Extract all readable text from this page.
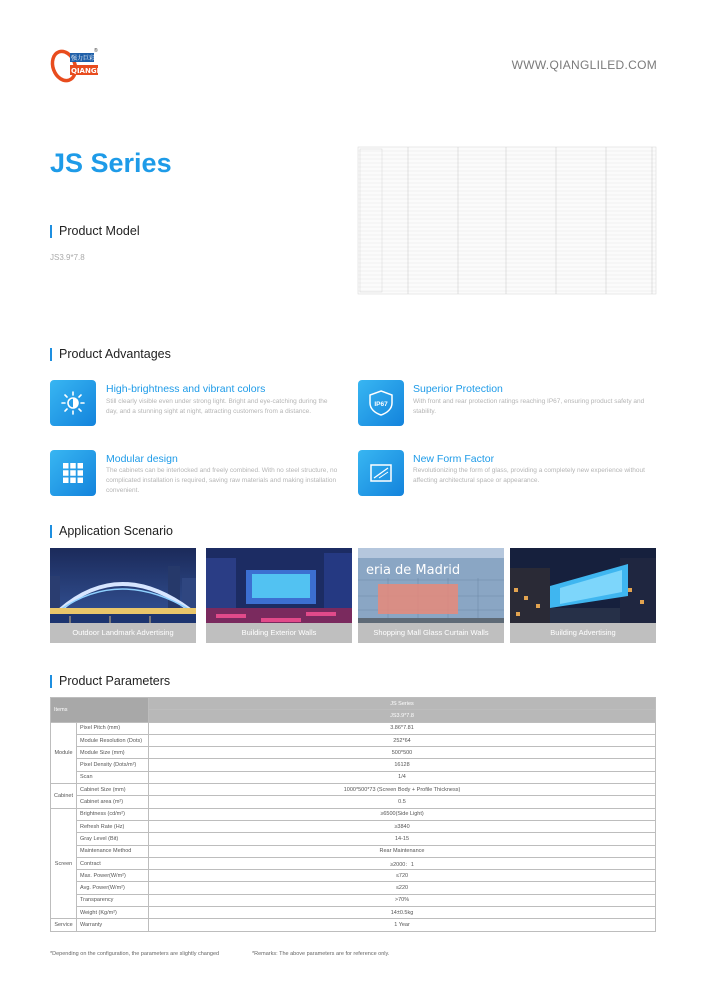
强力巨彩
QIANGLI
®
WWW.QIANGLILED.COM
JS Series
Product Model
JS3.9*7.8
Product Advantages
High-brightness and vibrant colors
Still clearly visible even under strong light. Bright and eye-catching during the day, and a stunning sight at night, attracting customers from a distance.
IP67
Superior Protection
With front and rear protection ratings reaching IP67, ensuring product safety and stability.
Modular design
The cabinets can be interlocked and freely combined. With no steel structure, no complicated installation is required, saving raw materials and making installation convenient.
New Form Factor
Revolutionizing the form of glass, providing a completely new experience without affecting architectural space or appearance.
Application Scenario
Outdoor Landmark Advertising	Building Exterior Walls
eria de Madrid
Shopping Mall Glass Curtain Walls	Building Advertising
Product Parameters
Items		JS Series
		JS3.9*7.8
Module	Pixel Pitch (mm)	3.86*7.81
	Module Resolution (Dots)	252*64
	Module Size (mm)	500*500
	Pixel Density (Dots/m²)	16128
	Scan	1/4
Cabinet	Cabinet Size (mm)	1000*500*73 (Screen Body + Profile Thickness)
	Cabinet area (m²)	0.5
Screen	Brightness (cd/m²)	≥6500(Side Light)
	Refresh Rate (Hz)	≥3840
	Gray Level (Bit)	14-15
	Maintenance Method	Rear Maintenance
	Contract	≥2000：1
	Max. Power(W/m²)	≤720
	Avg. Power(W/m²)	≤220
	Transparency	>70%
	Weight (Kg/m²)	14±0.5kg
Service	Warranty	1 Year
*Depending on the configuration, the parameters are slightly changed	*Remarks: The above parameters are for reference only.
